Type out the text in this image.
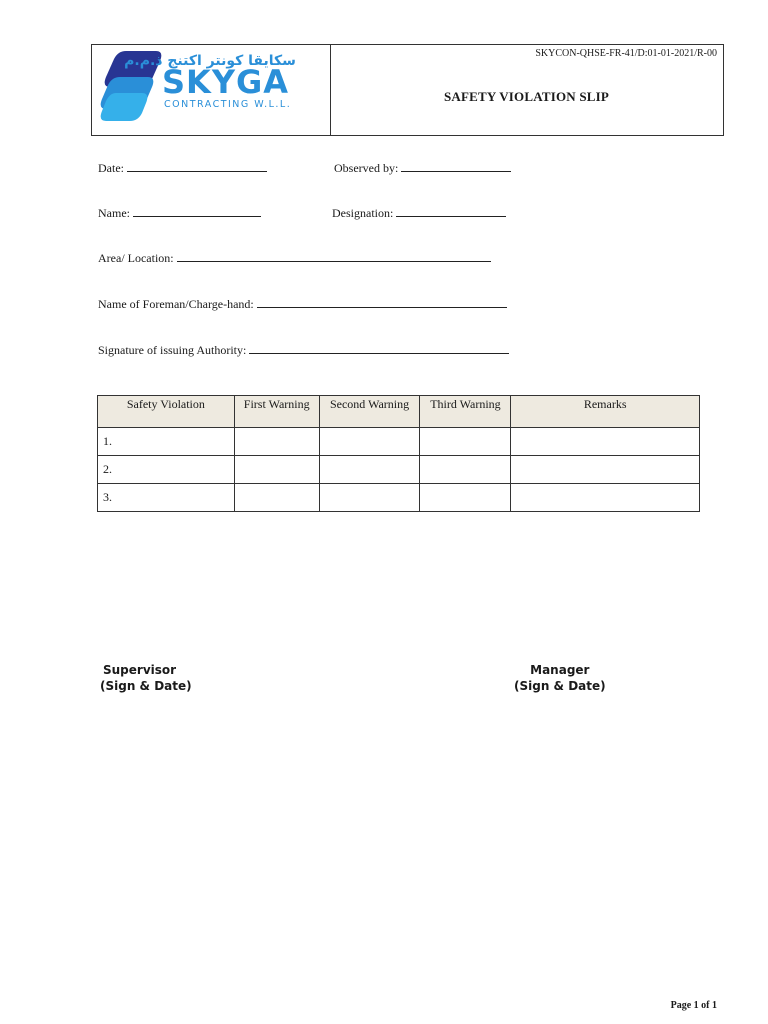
سكايقا كونتر اكتنج ذ.م.م
SKYGA
CONTRACTING W.L.L.
SKYCON-QHSE-FR-41/D:01-01-2021/R-00
SAFETY VIOLATION SLIP
Date:	Observed by:
Name:	Designation:
Area/ Location:
Name of Foreman/Charge-hand:
Signature of issuing Authority:
Safety Violation	First Warning	Second Warning	Third Warning	Remarks
1.				
2.				
3.				
Supervisor
(Sign & Date)
Manager
(Sign & Date)
Page 1 of 1
